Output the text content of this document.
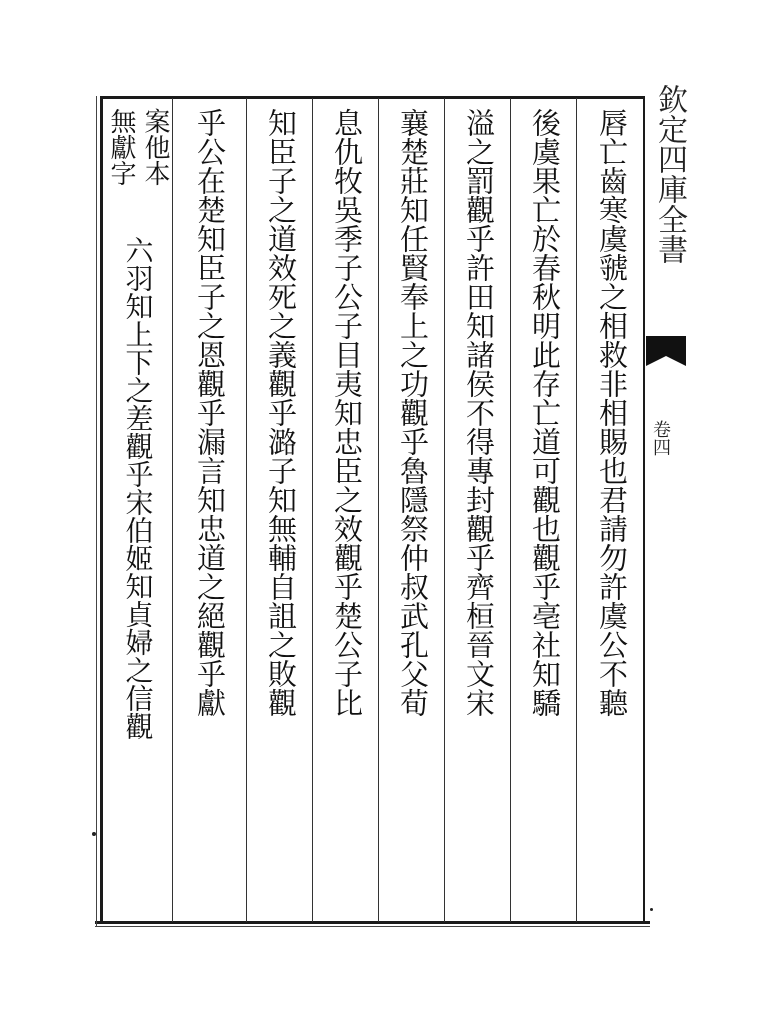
唇亡齒寒虞虢之相救非相賜也君請勿許虞公不聽
後虞果亡於春秋明此存亡道可觀也觀乎亳社知驕
溢之罰觀乎許田知諸侯不得專封觀乎齊桓晉文宋
襄楚莊知任賢奉上之功觀乎魯隱祭仲叔武孔父荀
息仇牧吳季子公子目夷知忠臣之效觀乎楚公子比
知臣子之道效死之義觀乎潞子知無輔自詛之敗觀
乎公在楚知臣子之恩觀乎漏言知忠道之絕觀乎獻
案他本
無獻字
六羽知上下之差觀乎宋伯姬知貞婦之信觀
欽定四庫全書
卷四
